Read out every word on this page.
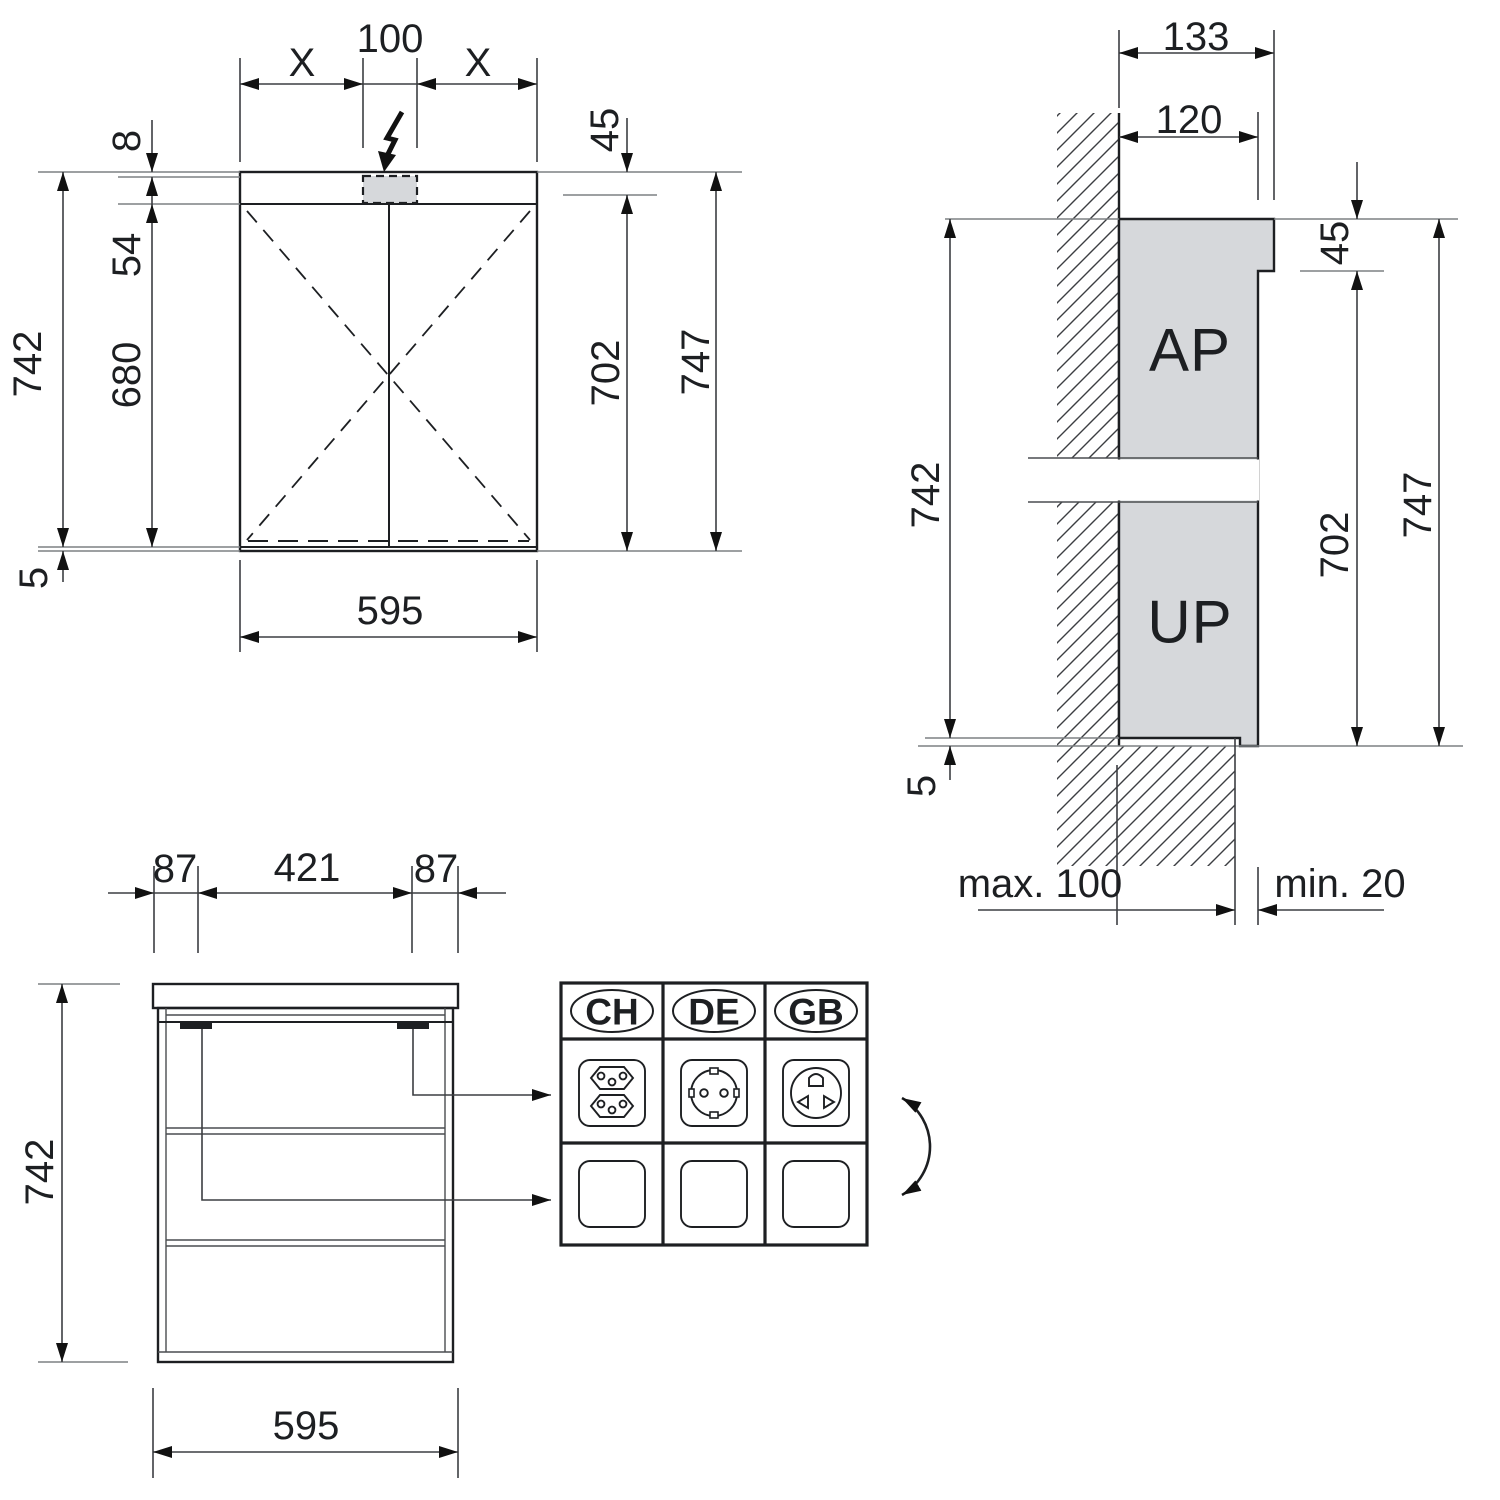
X
100
X
8
54
680
742
5
45
702 747
595
AP
UP
133
120
742
5
45
702
747
max. 100	min. 20
742
87 421 87
595
CH DE GB
